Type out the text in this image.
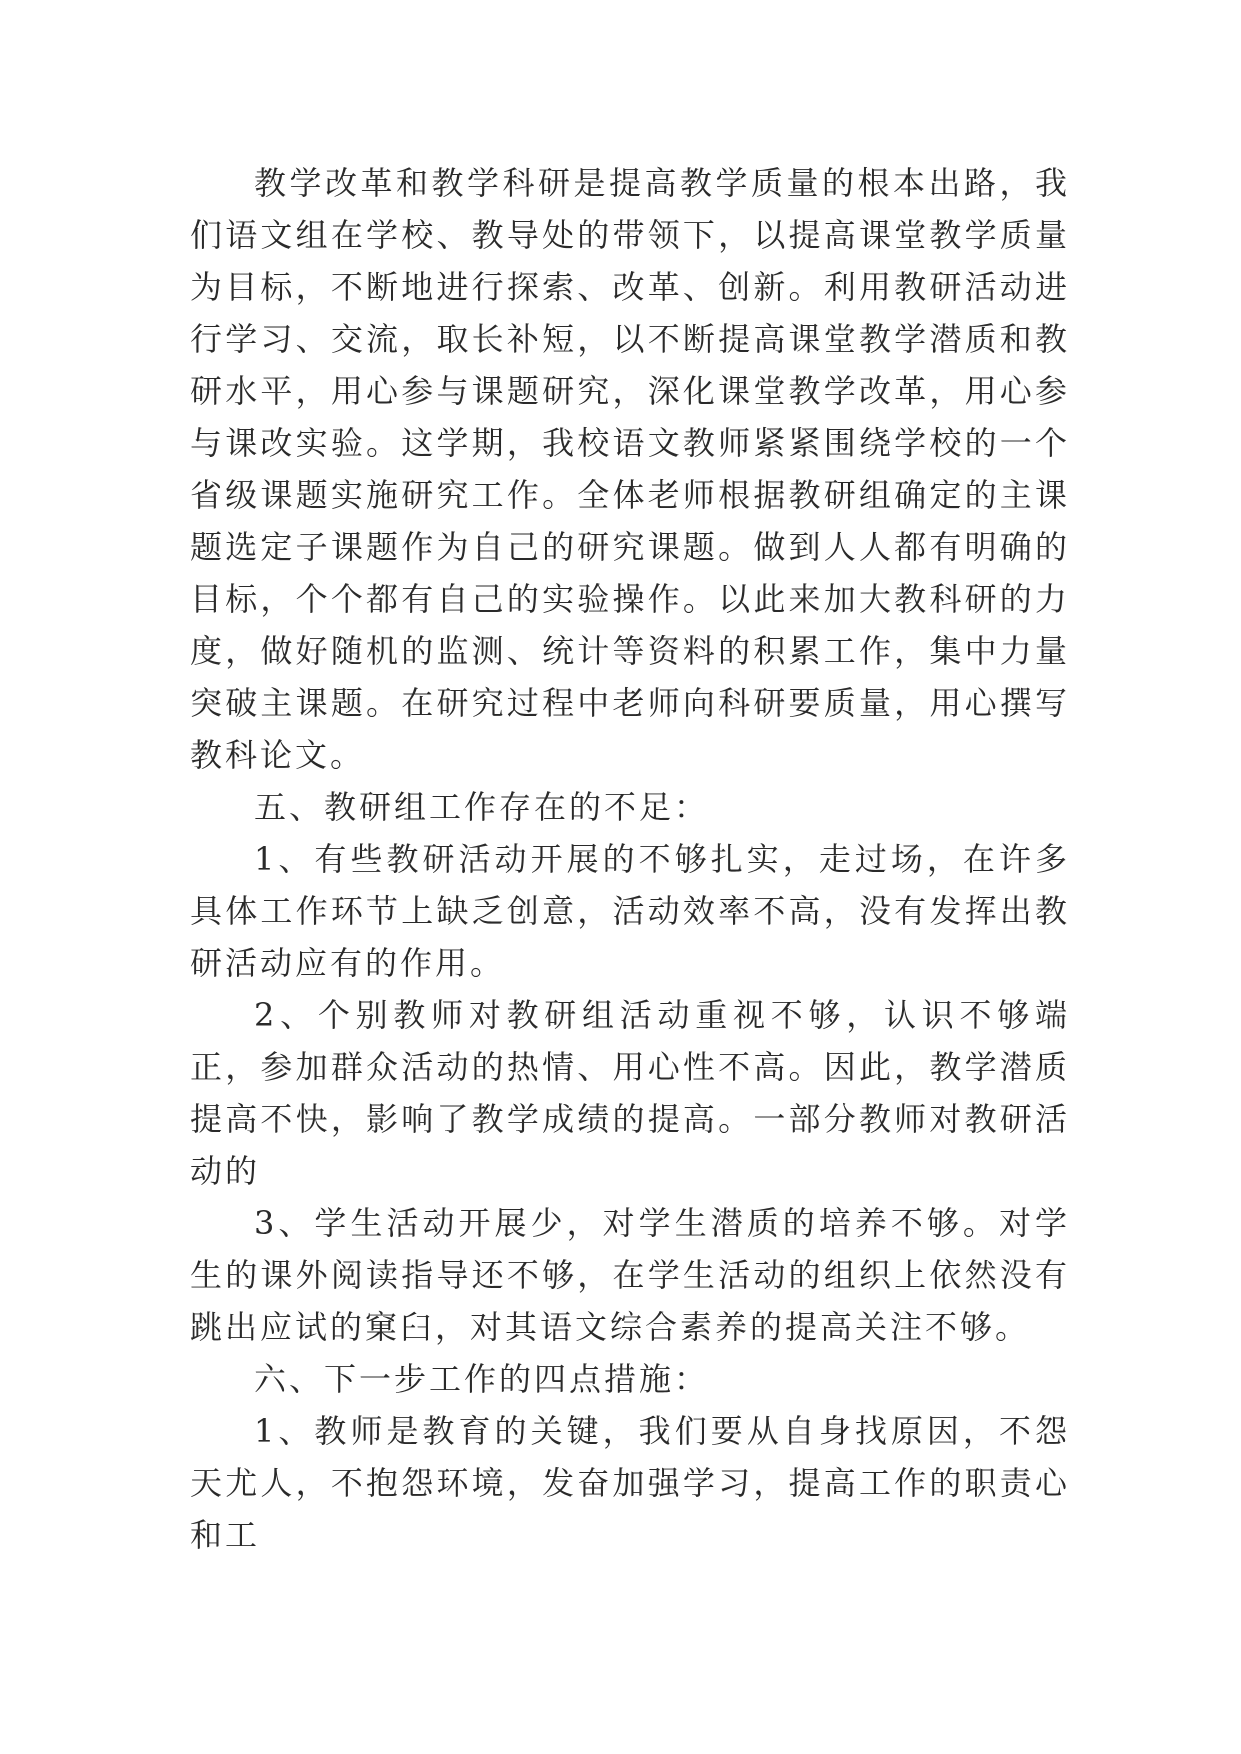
教学改革和教学科研是提高教学质量的根本出路，我们语文组在学校、教导处的带领下，以提高课堂教学质量为目标，不断地进行探索、改革、创新。利用教研活动进行学习、交流，取长补短，以不断提高课堂教学潜质和教研水平，用心参与课题研究，深化课堂教学改革，用心参与课改实验。这学期，我校语文教师紧紧围绕学校的一个省级课题实施研究工作。全体老师根据教研组确定的主课题选定子课题作为自己的研究课题。做到人人都有明确的目标，个个都有自己的实验操作。以此来加大教科研的力度，做好随机的监测、统计等资料的积累工作，集中力量突破主课题。在研究过程中老师向科研要质量，用心撰写教科论文。

五、教研组工作存在的不足：

1、有些教研活动开展的不够扎实，走过场，在许多具体工作环节上缺乏创意，活动效率不高，没有发挥出教研活动应有的作用。

2、个别教师对教研组活动重视不够，认识不够端正，参加群众活动的热情、用心性不高。因此，教学潜质提高不快，影响了教学成绩的提高。一部分教师对教研活动的

3、学生活动开展少，对学生潜质的培养不够。对学生的课外阅读指导还不够，在学生活动的组织上依然没有跳出应试的窠臼，对其语文综合素养的提高关注不够。

六、下一步工作的四点措施：

1、教师是教育的关键，我们要从自身找原因，不怨天尤人，不抱怨环境，发奋加强学习，提高工作的职责心和工
